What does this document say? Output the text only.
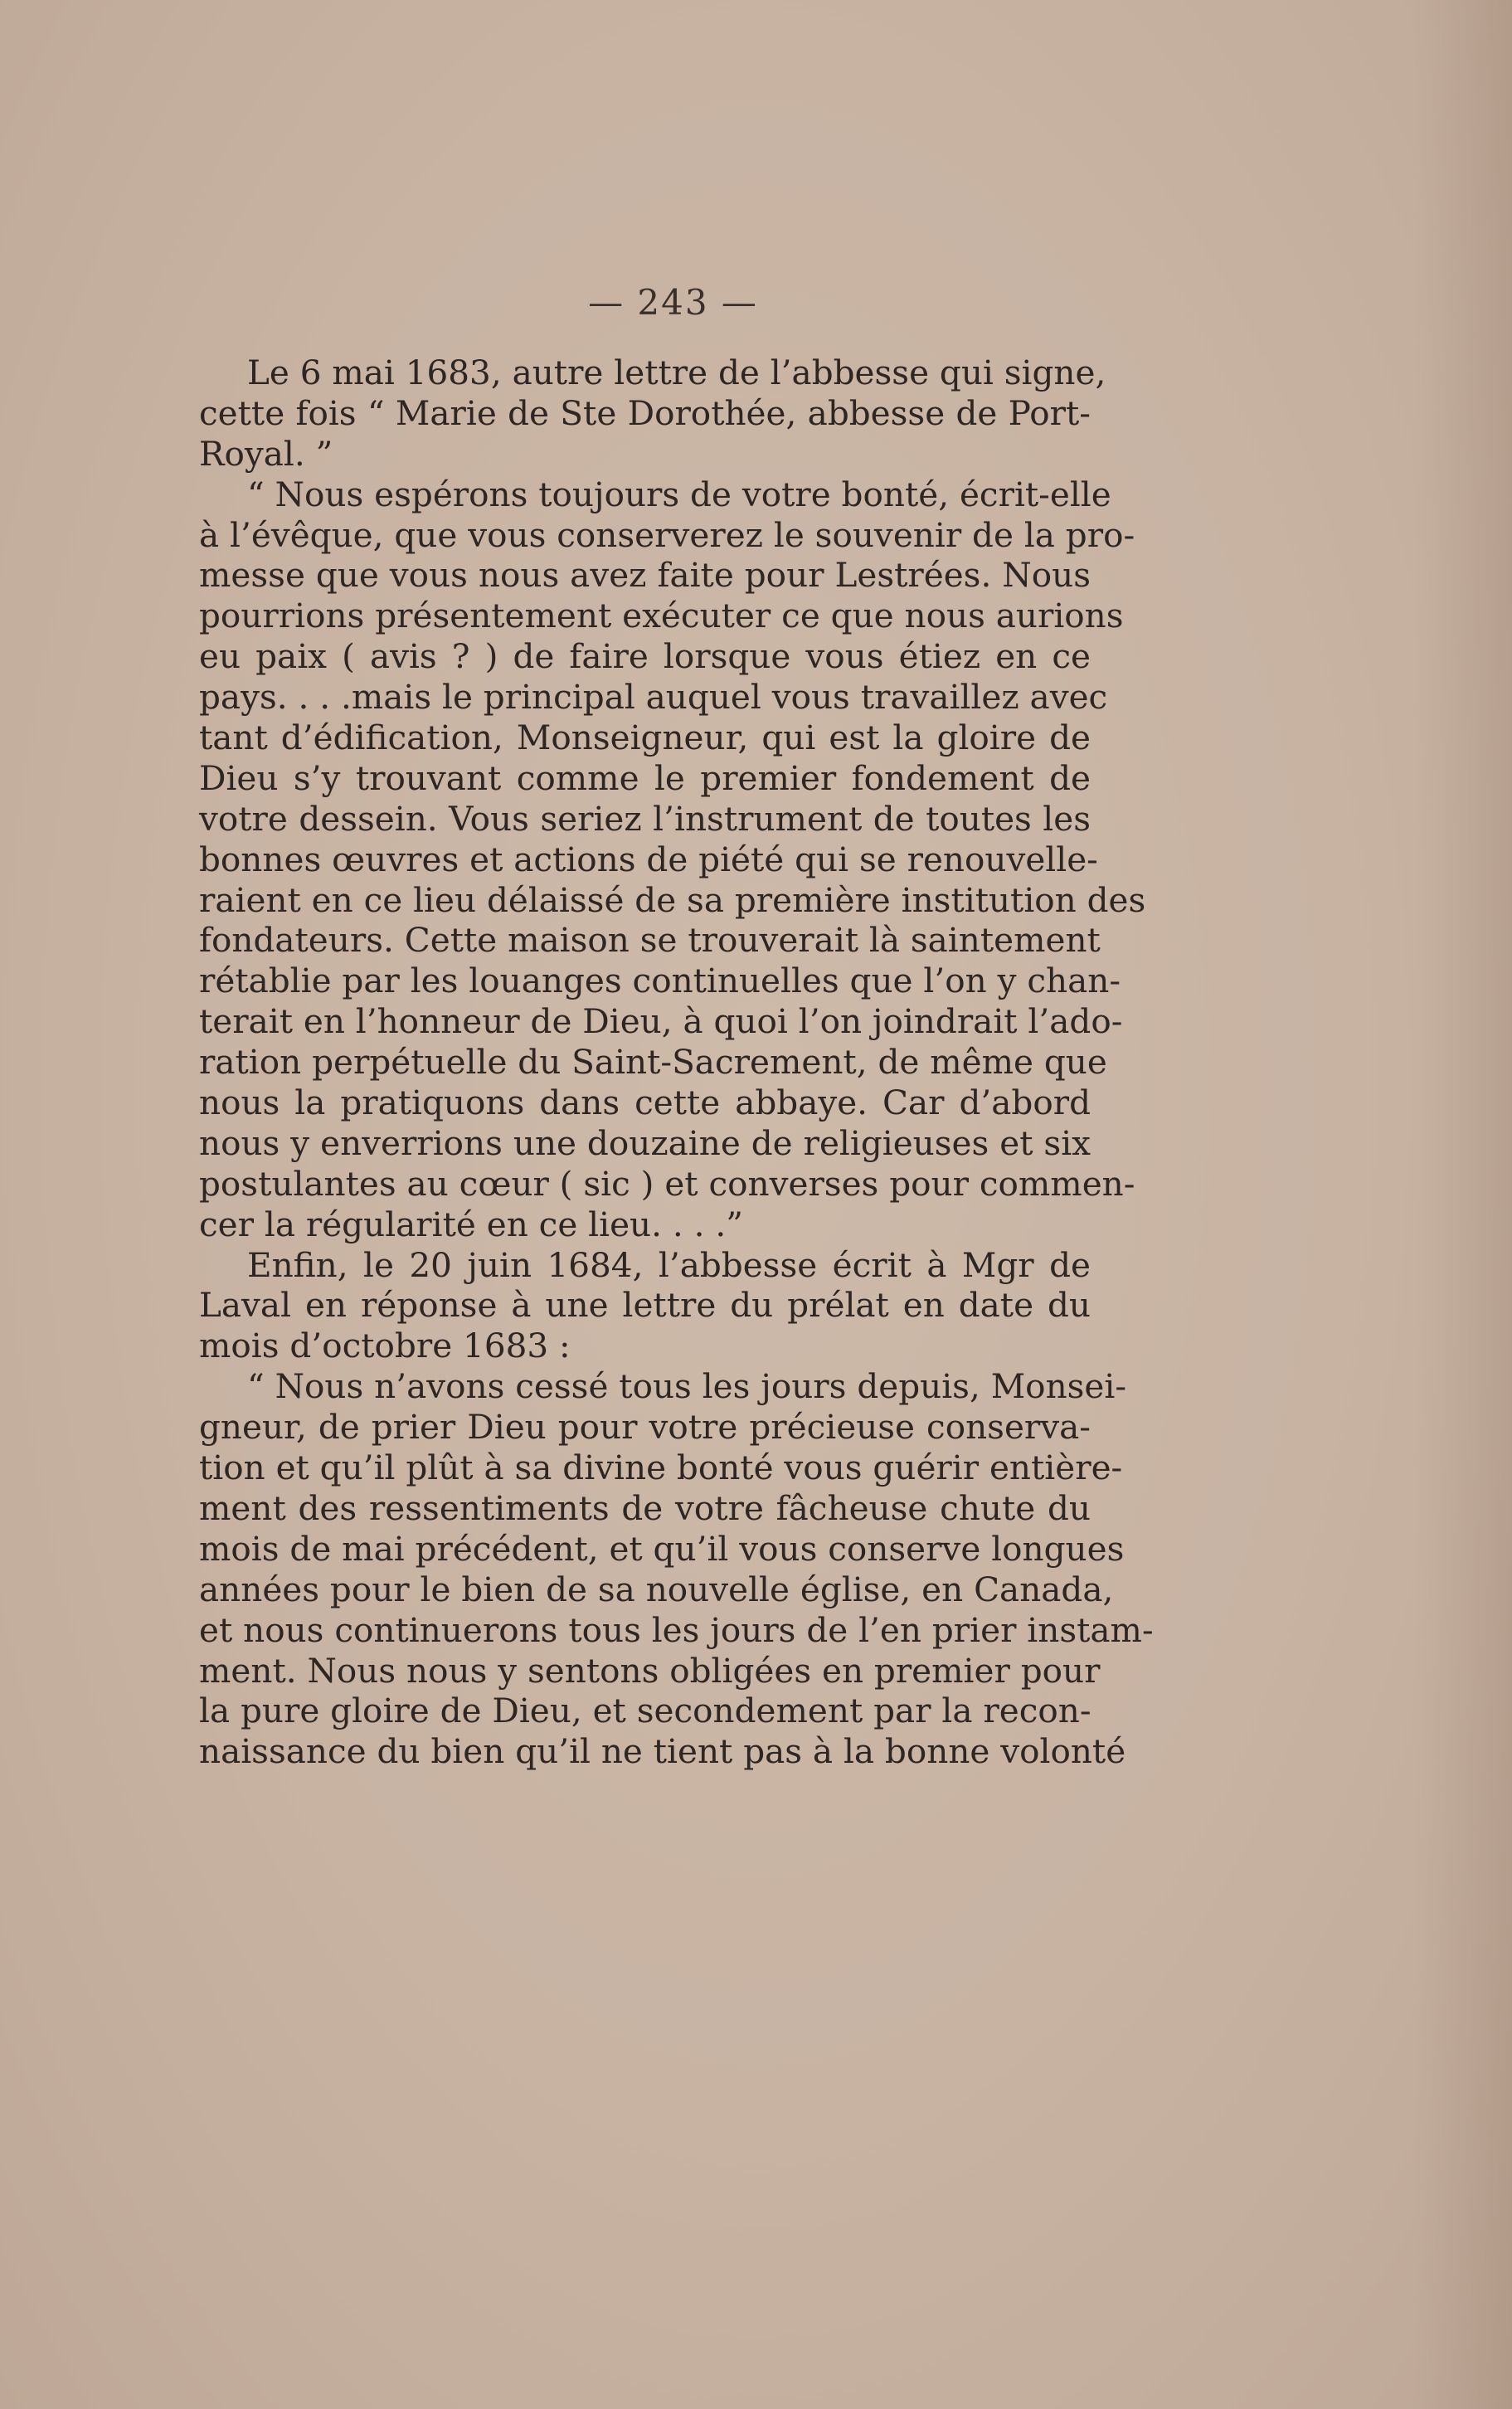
— 243 —
Le 6 mai 1683, autre lettre de l’abbesse qui signe,
cette fois “ Marie de Ste Dorothée, abbesse de Port-
Royal. ”
“ Nous espérons toujours de votre bonté, écrit-elle
à l’évêque, que vous conserverez le souvenir de la pro-
messe que vous nous avez faite pour Lestrées. Nous
pourrions présentement exécuter ce que nous aurions
eu paix ( avis ? ) de faire lorsque vous étiez en ce
pays. . . .mais le principal auquel vous travaillez avec
tant d’édification, Monseigneur, qui est la gloire de
Dieu s’y trouvant comme le premier fondement de
votre dessein. Vous seriez l’instrument de toutes les
bonnes œuvres et actions de piété qui se renouvelle-
raient en ce lieu délaissé de sa première institution des
fondateurs. Cette maison se trouverait là saintement
rétablie par les louanges continuelles que l’on y chan-
terait en l’honneur de Dieu, à quoi l’on joindrait l’ado-
ration perpétuelle du Saint-Sacrement, de même que
nous la pratiquons dans cette abbaye. Car d’abord
nous y enverrions une douzaine de religieuses et six
postulantes au cœur ( sic ) et converses pour commen-
cer la régularité en ce lieu. . . .”
Enfin, le 20 juin 1684, l’abbesse écrit à Mgr de
Laval en réponse à une lettre du prélat en date du
mois d’octobre 1683 :
“ Nous n’avons cessé tous les jours depuis, Monsei-
gneur, de prier Dieu pour votre précieuse conserva-
tion et qu’il plût à sa divine bonté vous guérir entière-
ment des ressentiments de votre fâcheuse chute du
mois de mai précédent, et qu’il vous conserve longues
années pour le bien de sa nouvelle église, en Canada,
et nous continuerons tous les jours de l’en prier instam-
ment. Nous nous y sentons obligées en premier pour
la pure gloire de Dieu, et secondement par la recon-
naissance du bien qu’il ne tient pas à la bonne volonté
